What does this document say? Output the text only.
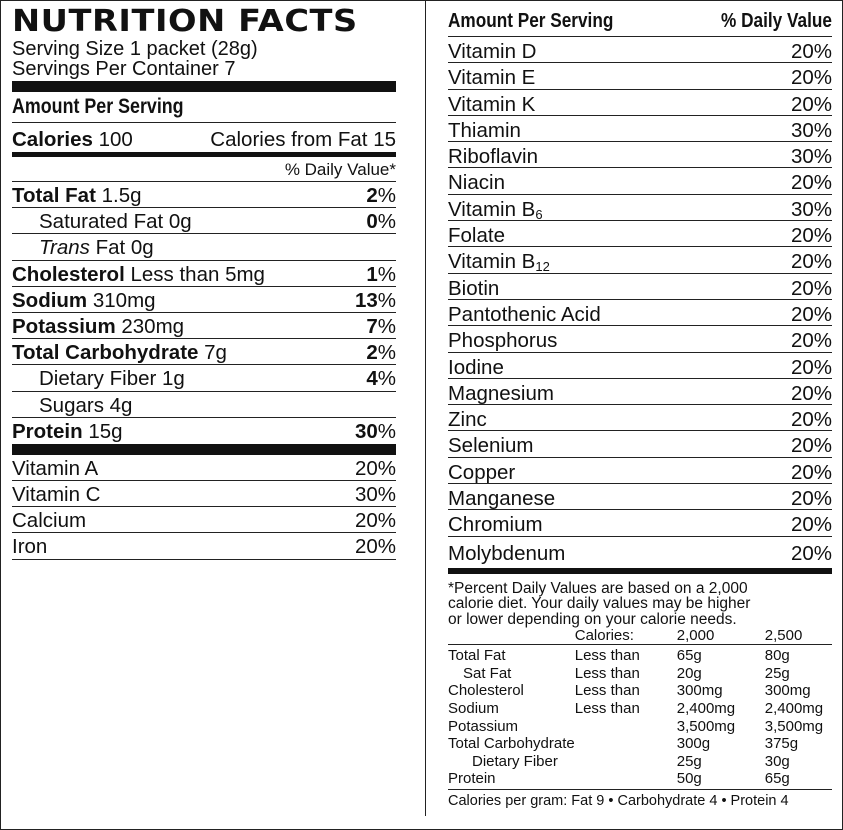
NUTRITION FACTS
Serving Size 1 packet (28g)
Servings Per Container 7
Amount Per Serving
Calories 100	Calories from Fat 15
% Daily Value*
Total Fat 1.5g	2%
Saturated Fat 0g	0%
Trans Fat 0g
Cholesterol Less than 5mg	1%
Sodium 310mg	13%
Potassium 230mg	7%
Total Carbohydrate 7g	2%
Dietary Fiber 1g	4%
Sugars 4g
Protein 15g	30%
Vitamin A	20%
Vitamin C	30%
Calcium	20%
Iron	20%
Amount Per Serving	% Daily Value
Vitamin D	20%
Vitamin E	20%
Vitamin K	20%
Thiamin	30%
Riboflavin	30%
Niacin	20%
Vitamin $B_6$	30%
Folate	20%
Vitamin $B_{12}$	20%
Biotin	20%
Pantothenic Acid	20%
Phosphorus	20%
Iodine	20%
Magnesium	20%
Zinc	20%
Selenium	20%
Copper	20%
Manganese	20%
Chromium	20%
Molybdenum	20%
*Percent Daily Values are based on a 2,000
calorie diet. Your daily values may be higher
or lower depending on your calorie needs.
	Calories:	2,000	2,500
Total Fat	Less than	65g	80g
Sat Fat	Less than	20g	25g
Cholesterol	Less than	300mg	300mg
Sodium	Less than	2,400mg	2,400mg
Potassium		3,500mg	3,500mg
Total Carbohydrate		300g	375g
Dietary Fiber		25g	30g
Protein		50g	65g
Calories per gram: Fat 9 • Carbohydrate 4 • Protein 4
